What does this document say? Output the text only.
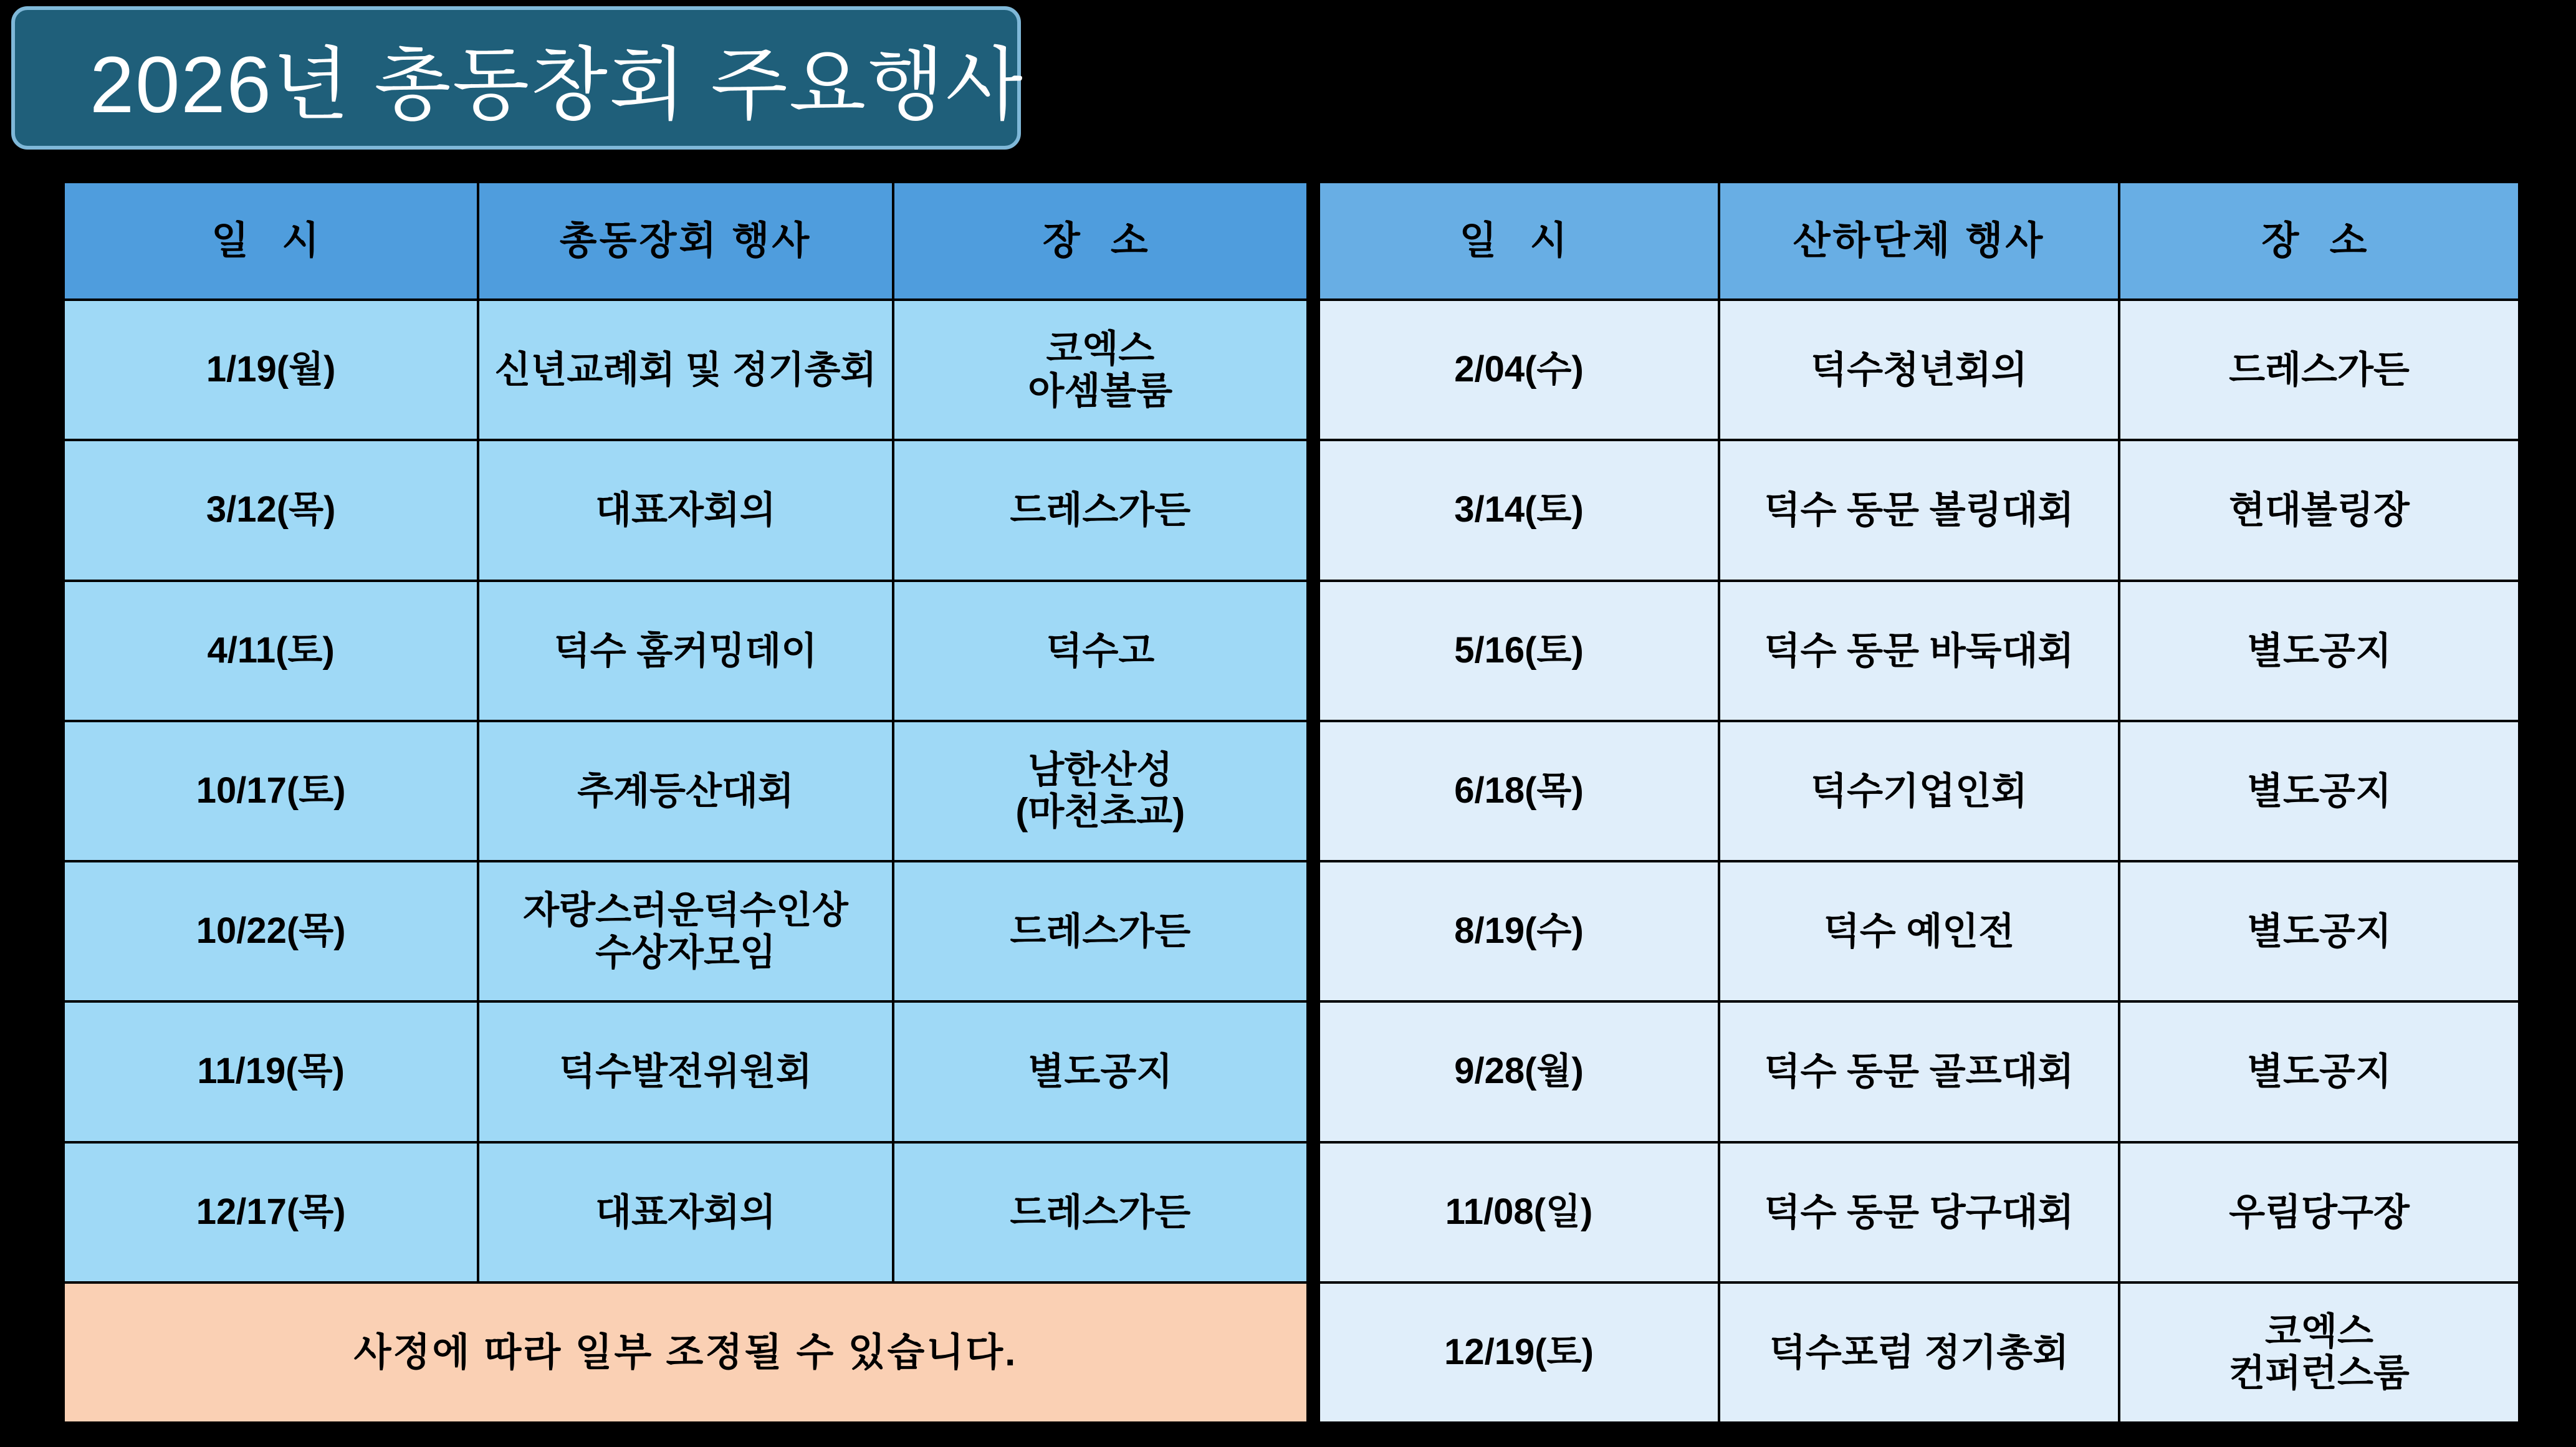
2026년 총동창회 주요행사
일 시	총동장회 행사	장 소
1/19(월)	신년교례회 및 정기총회	코엑스
아셈볼룸
3/12(목)	대표자회의	드레스가든
4/11(토)	덕수 홈커밍데이	덕수고
10/17(토)	추계등산대회	남한산성
(마천초교)
10/22(목)	자랑스러운덕수인상
수상자모임	드레스가든
11/19(목)	덕수발전위원회	별도공지
12/17(목)	대표자회의	드레스가든
사정에 따라 일부 조정될 수 있습니다.		
일 시	산하단체 행사	장 소
2/04(수)	덕수청년회의	드레스가든
3/14(토)	덕수 동문 볼링대회	현대볼링장
5/16(토)	덕수 동문 바둑대회	별도공지
6/18(목)	덕수기업인회	별도공지
8/19(수)	덕수 예인전	별도공지
9/28(월)	덕수 동문 골프대회	별도공지
11/08(일)	덕수 동문 당구대회	우림당구장
12/19(토)	덕수포럼 정기총회	코엑스
컨퍼런스룸
